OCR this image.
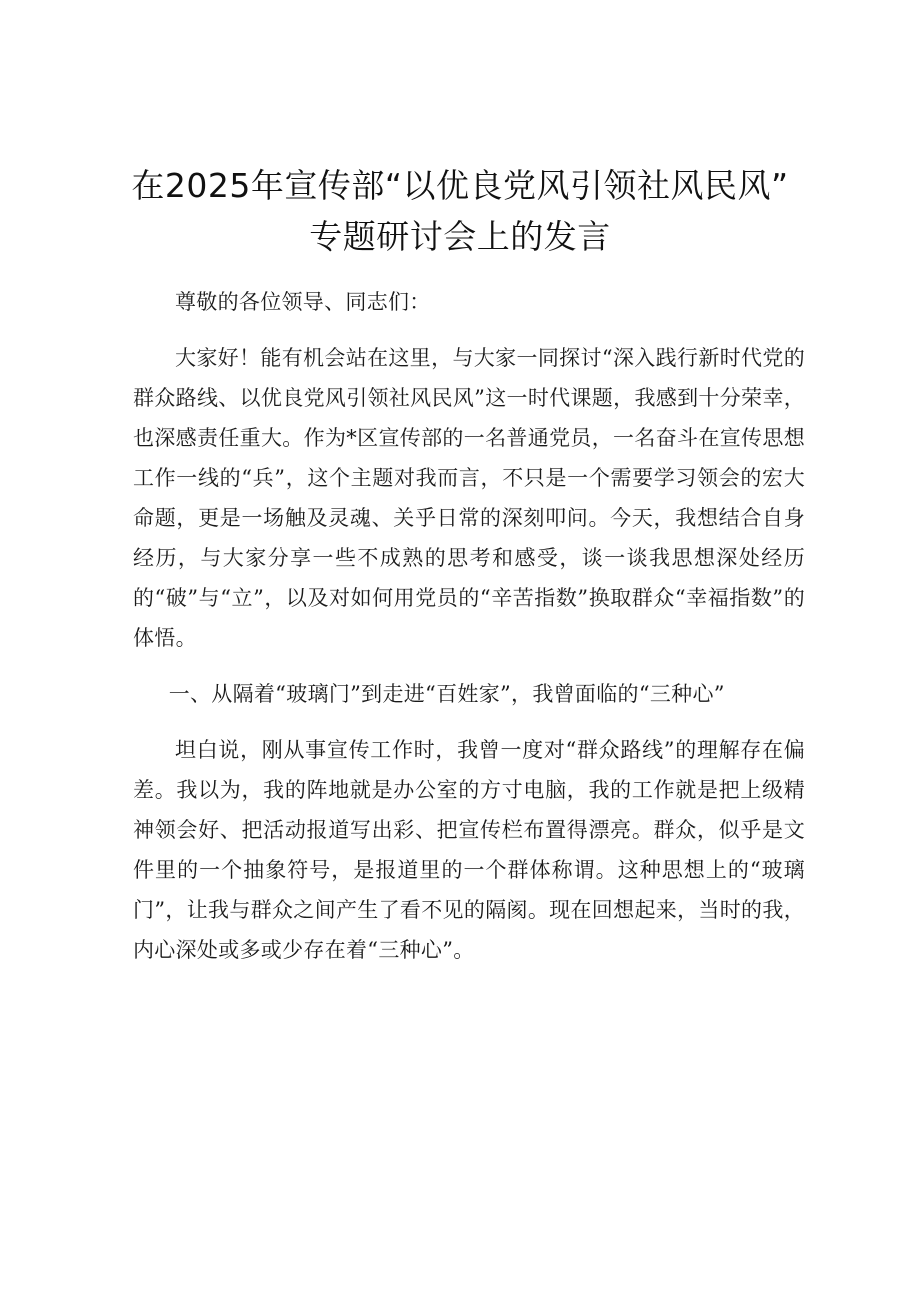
在2025年宣传部“以优良党风引领社风民风”
专题研讨会上的发言

尊敬的各位领导、同志们：

大家好！能有机会站在这里，与大家一同探讨“深入践行新时代党的群众路线、以优良党风引领社风民风”这一时代课题，我感到十分荣幸，也深感责任重大。作为*区宣传部的一名普通党员，一名奋斗在宣传思想工作一线的“兵”，这个主题对我而言，不只是一个需要学习领会的宏大命题，更是一场触及灵魂、关乎日常的深刻叩问。今天，我想结合自身经历，与大家分享一些不成熟的思考和感受，谈一谈我思想深处经历的“破”与“立”，以及对如何用党员的“辛苦指数”换取群众“幸福指数”的体悟。

一、从隔着“玻璃门”到走进“百姓家”，我曾面临的“三种心”

坦白说，刚从事宣传工作时，我曾一度对“群众路线”的理解存在偏差。我以为，我的阵地就是办公室的方寸电脑，我的工作就是把上级精神领会好、把活动报道写出彩、把宣传栏布置得漂亮。群众，似乎是文件里的一个抽象符号，是报道里的一个群体称谓。这种思想上的“玻璃门”，让我与群众之间产生了看不见的隔阂。现在回想起来，当时的我，内心深处或多或少存在着“三种心”。
